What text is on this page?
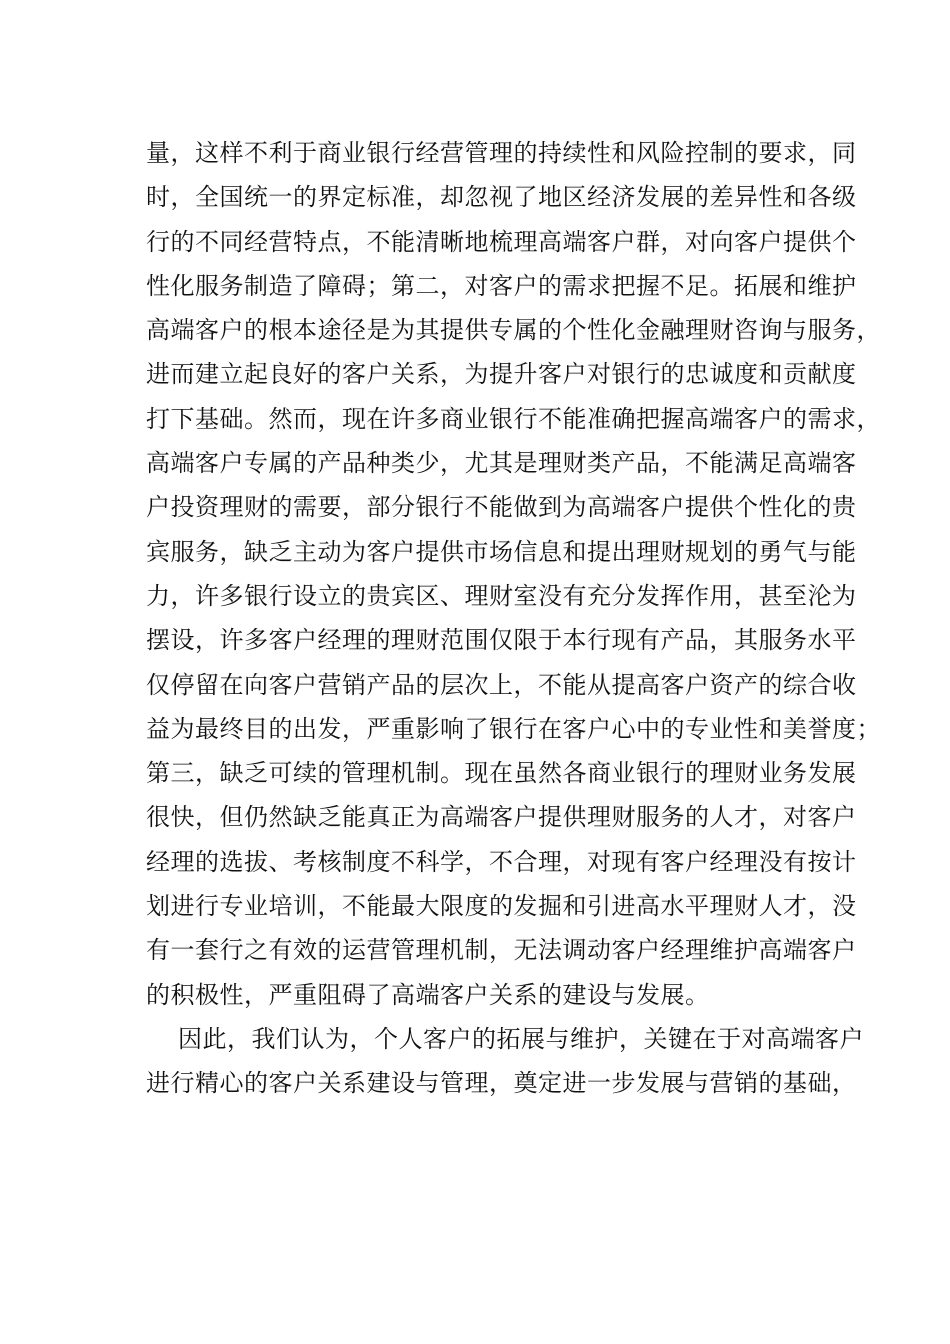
量，这样不利于商业银行经营管理的持续性和风险控制的要求，同
时，全国统一的界定标准，却忽视了地区经济发展的差异性和各级
行的不同经营特点，不能清晰地梳理高端客户群，对向客户提供个
性化服务制造了障碍；第二，对客户的需求把握不足。拓展和维护
高端客户的根本途径是为其提供专属的个性化金融理财咨询与服务，
进而建立起良好的客户关系，为提升客户对银行的忠诚度和贡献度
打下基础。然而，现在许多商业银行不能准确把握高端客户的需求，
高端客户专属的产品种类少，尤其是理财类产品，不能满足高端客
户投资理财的需要，部分银行不能做到为高端客户提供个性化的贵
宾服务，缺乏主动为客户提供市场信息和提出理财规划的勇气与能
力，许多银行设立的贵宾区、理财室没有充分发挥作用，甚至沦为
摆设，许多客户经理的理财范围仅限于本行现有产品，其服务水平
仅停留在向客户营销产品的层次上，不能从提高客户资产的综合收
益为最终目的出发，严重影响了银行在客户心中的专业性和美誉度；
第三，缺乏可续的管理机制。现在虽然各商业银行的理财业务发展
很快，但仍然缺乏能真正为高端客户提供理财服务的人才，对客户
经理的选拔、考核制度不科学，不合理，对现有客户经理没有按计
划进行专业培训，不能最大限度的发掘和引进高水平理财人才，没
有一套行之有效的运营管理机制，无法调动客户经理维护高端客户
的积极性，严重阻碍了高端客户关系的建设与发展。
因此，我们认为，个人客户的拓展与维护，关键在于对高端客户
进行精心的客户关系建设与管理，奠定进一步发展与营销的基础，
